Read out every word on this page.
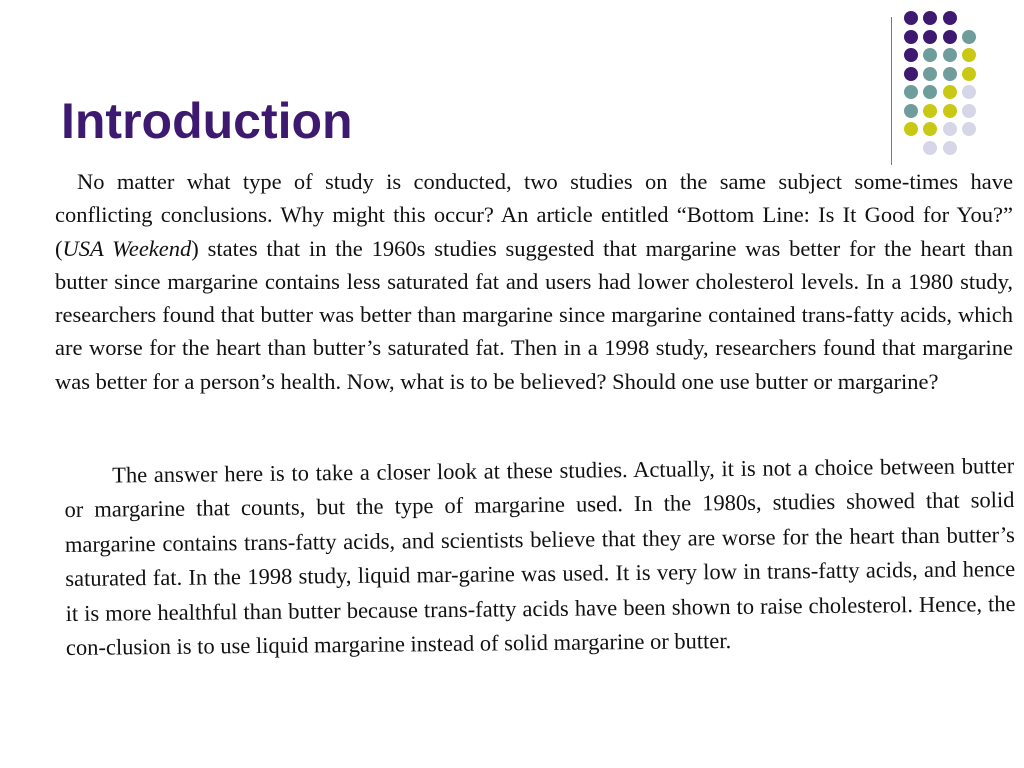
Introduction

No matter what type of study is conducted, two studies on the same subject some-times have conflicting conclusions. Why might this occur? An article entitled “Bottom Line: Is It Good for You?” (USA Weekend) states that in the 1960s studies suggested that margarine was better for the heart than butter since margarine contains less saturated fat and users had lower cholesterol levels. In a 1980 study, researchers found that butter was better than margarine since margarine contained trans-fatty acids, which are worse for the heart than butter’s saturated fat. Then in a 1998 study, researchers found that margarine was better for a person’s health. Now, what is to be believed? Should one use butter or margarine?

The answer here is to take a closer look at these studies. Actually, it is not a choice between butter or margarine that counts, but the type of margarine used. In the 1980s, studies showed that solid margarine contains trans-fatty acids, and scientists believe that they are worse for the heart than butter’s saturated fat. In the 1998 study, liquid mar-garine was used. It is very low in trans-fatty acids, and hence it is more healthful than butter because trans-fatty acids have been shown to raise cholesterol. Hence, the con-clusion is to use liquid margarine instead of solid margarine or butter.
